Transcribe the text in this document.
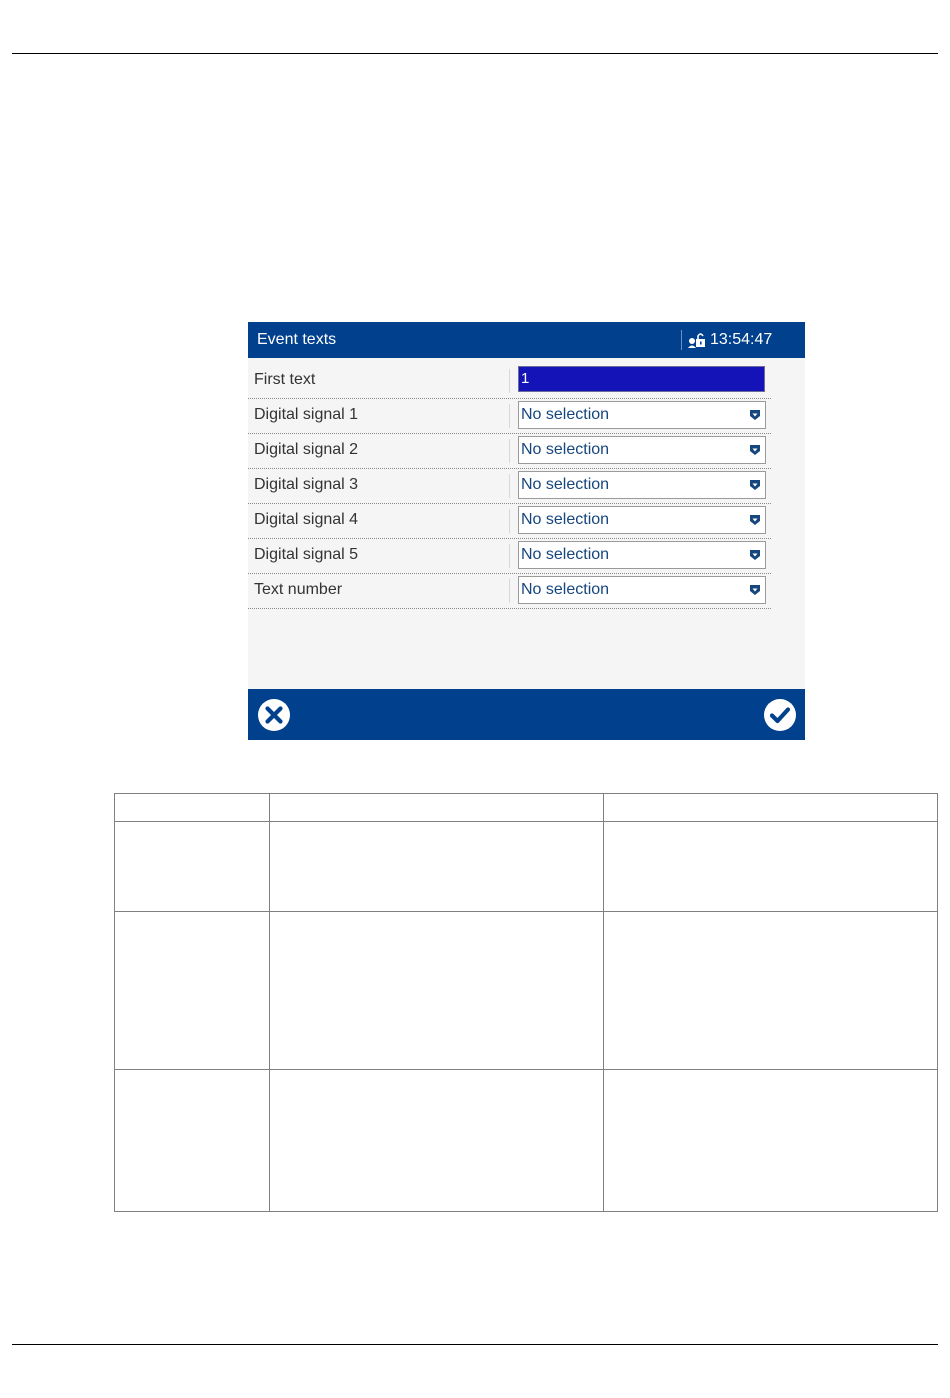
Event texts	13:54:47
First text	1
Digital signal 1	No selection
Digital signal 2	No selection
Digital signal 3	No selection
Digital signal 4	No selection
Digital signal 5	No selection
Text number	No selection
